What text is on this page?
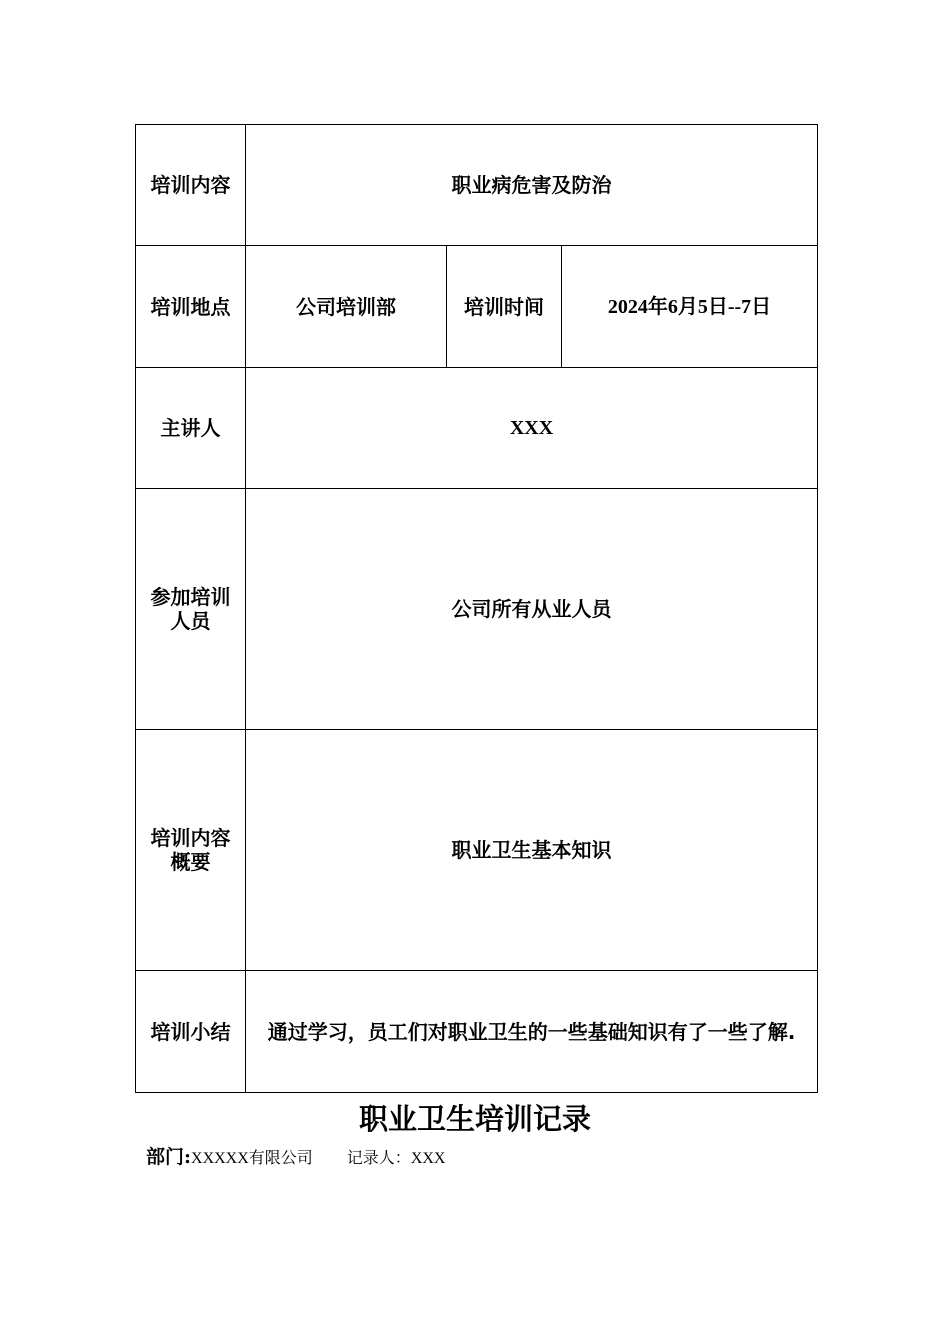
培训内容	职业病危害及防治		
培训地点	公司培训部	培训时间	2024年6月5日--7日
主讲人	XXX		
参加培训人员	公司所有从业人员		
培训内容概要	职业卫生基本知识		
培训小结	通过学习，员工们对职业卫生的一些基础知识有了一些了解.		
职业卫生培训记录
部门:XXXXX有限公司 记录人：XXX
